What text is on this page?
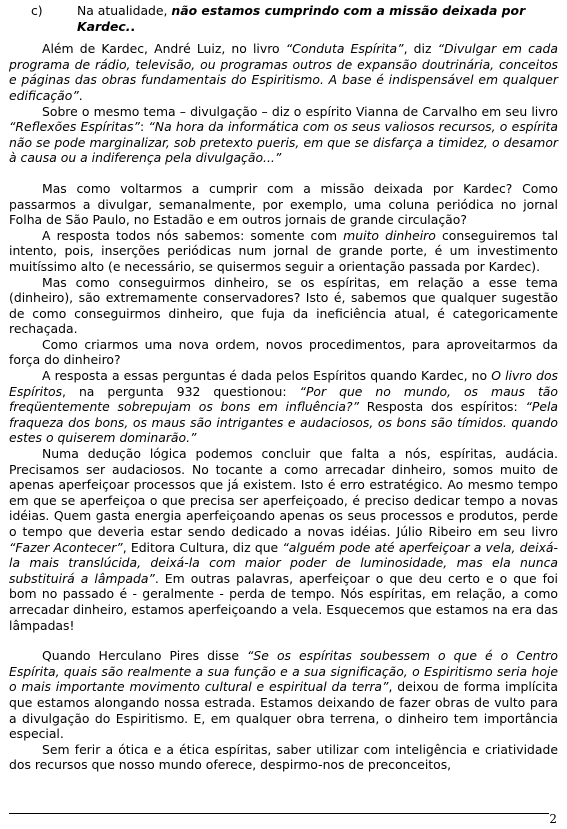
c)	Na atualidade, não estamos cumprindo com a missão deixada por Kardec..

Além de Kardec, André Luiz, no livro “Conduta Espírita”, diz “Divulgar em cada programa de rádio, televisão, ou programas outros de expansão doutrinária, conceitos e páginas das obras fundamentais do Espiritismo. A base é indispensável em qualquer edificação”.

Sobre o mesmo tema – divulgação – diz o espírito Vianna de Carvalho em seu livro “Reflexões Espíritas”: “Na hora da informática com os seus valiosos recursos, o espírita não se pode marginalizar, sob pretexto pueris, em que se disfarça a timidez, o desamor à causa ou a indiferença pela divulgação...”

Mas como voltarmos a cumprir com a missão deixada por Kardec? Como passarmos a divulgar, semanalmente, por exemplo, uma coluna periódica no jornal Folha de São Paulo, no Estadão e em outros jornais de grande circulação?

A resposta todos nós sabemos: somente com muito dinheiro conseguiremos tal intento, pois, inserções periódicas num jornal de grande porte, é um investimento muitíssimo alto (e necessário, se quisermos seguir a orientação passada por Kardec).

Mas como conseguirmos dinheiro, se os espíritas, em relação a esse tema (dinheiro), são extremamente conservadores? Isto é, sabemos que qualquer sugestão de como conseguirmos dinheiro, que fuja da ineficiência atual, é categoricamente rechaçada.

Como criarmos uma nova ordem, novos procedimentos, para aproveitarmos da força do dinheiro?

A resposta a essas perguntas é dada pelos Espíritos quando Kardec, no O livro dos Espíritos, na pergunta 932 questionou: “Por que no mundo, os maus tão freqüentemente sobrepujam os bons em influência?” Resposta dos espíritos: “Pela fraqueza dos bons, os maus são intrigantes e audaciosos, os bons são tímidos. quando estes o quiserem dominarão.”

Numa dedução lógica podemos concluir que falta a nós, espíritas, audácia. Precisamos ser audaciosos. No tocante a como arrecadar dinheiro, somos muito de apenas aperfeiçoar processos que já existem. Isto é erro estratégico. Ao mesmo tempo em que se aperfeiçoa o que precisa ser aperfeiçoado, é preciso dedicar tempo a novas idéias. Quem gasta energia aperfeiçoando apenas os seus processos e produtos, perde o tempo que deveria estar sendo dedicado a novas idéias. Júlio Ribeiro em seu livro “Fazer Acontecer”, Editora Cultura, diz que “alguém pode até aperfeiçoar a vela, deixá-la mais translúcida, deixá-la com maior poder de luminosidade, mas ela nunca substituirá a lâmpada”. Em outras palavras, aperfeiçoar o que deu certo e o que foi bom no passado é - geralmente - perda de tempo. Nós espíritas, em relação, a como arrecadar dinheiro, estamos aperfeiçoando a vela. Esquecemos que estamos na era das lâmpadas!

Quando Herculano Pires disse “Se os espíritas soubessem o que é o Centro Espírita, quais são realmente a sua função e a sua significação, o Espiritismo seria hoje o mais importante movimento cultural e espiritual da terra”, deixou de forma implícita que estamos alongando nossa estrada. Estamos deixando de fazer obras de vulto para a divulgação do Espiritismo. E, em qualquer obra terrena, o dinheiro tem importância especial.

Sem ferir a ótica e a ética espíritas, saber utilizar com inteligência e criatividade dos recursos que nosso mundo oferece, despirmo-nos de preconceitos,

2
